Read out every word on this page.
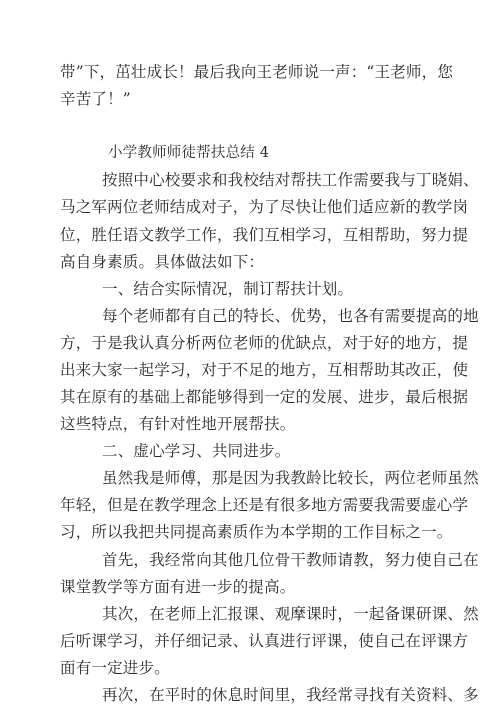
带”下，茁壮成长！最后我向王老师说一声：“王老师，您
辛苦了！”
小学教师师徒帮扶总结 4
按照中心校要求和我校结对帮扶工作需要我与丁晓娟、
马之军两位老师结成对子，为了尽快让他们适应新的教学岗
位，胜任语文教学工作，我们互相学习，互相帮助，努力提
高自身素质。具体做法如下：
一、结合实际情况，制订帮扶计划。
每个老师都有自己的特长、优势，也各有需要提高的地
方，于是我认真分析两位老师的优缺点，对于好的地方，提
出来大家一起学习，对于不足的地方，互相帮助其改正，使
其在原有的基础上都能够得到一定的发展、进步，最后根据
这些特点，有针对性地开展帮扶。
二、虚心学习、共同进步。
虽然我是师傅，那是因为我教龄比较长，两位老师虽然
年轻，但是在教学理念上还是有很多地方需要我需要虚心学
习，所以我把共同提高素质作为本学期的工作目标之一。
首先，我经常向其他几位骨干教师请教，努力使自己在
课堂教学等方面有进一步的提高。
其次，在老师上汇报课、观摩课时，一起备课研课、然
后听课学习，并仔细记录、认真进行评课，使自己在评课方
面有一定进步。
再次，在平时的休息时间里，我经常寻找有关资料、多
